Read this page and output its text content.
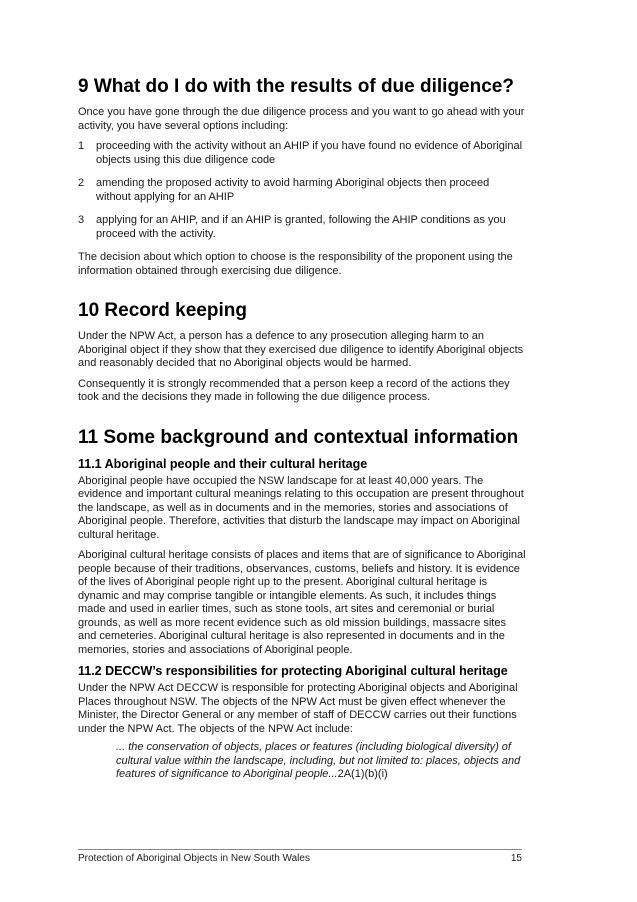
9 What do I do with the results of due diligence?

Once you have gone through the due diligence process and you want to go ahead with your activity, you have several options including:

1 proceeding with the activity without an AHIP if you have found no evidence of Aboriginal objects using this due diligence code
2 amending the proposed activity to avoid harming Aboriginal objects then proceed without applying for an AHIP
3 applying for an AHIP, and if an AHIP is granted, following the AHIP conditions as you proceed with the activity.

The decision about which option to choose is the responsibility of the proponent using the information obtained through exercising due diligence.

10 Record keeping

Under the NPW Act, a person has a defence to any prosecution alleging harm to an Aboriginal object if they show that they exercised due diligence to identify Aboriginal objects and reasonably decided that no Aboriginal objects would be harmed.

Consequently it is strongly recommended that a person keep a record of the actions they took and the decisions they made in following the due diligence process.

11 Some background and contextual information
11.1 Aboriginal people and their cultural heritage

Aboriginal people have occupied the NSW landscape for at least 40,000 years. The evidence and important cultural meanings relating to this occupation are present throughout the landscape, as well as in documents and in the memories, stories and associations of Aboriginal people. Therefore, activities that disturb the landscape may impact on Aboriginal cultural heritage.

Aboriginal cultural heritage consists of places and items that are of significance to Aboriginal people because of their traditions, observances, customs, beliefs and history. It is evidence of the lives of Aboriginal people right up to the present. Aboriginal cultural heritage is dynamic and may comprise tangible or intangible elements. As such, it includes things made and used in earlier times, such as stone tools, art sites and ceremonial or burial grounds, as well as more recent evidence such as old mission buildings, massacre sites and cemeteries. Aboriginal cultural heritage is also represented in documents and in the memories, stories and associations of Aboriginal people.

11.2 DECCW’s responsibilities for protecting Aboriginal cultural heritage

Under the NPW Act DECCW is responsible for protecting Aboriginal objects and Aboriginal Places throughout NSW. The objects of the NPW Act must be given effect whenever the Minister, the Director General or any member of staff of DECCW carries out their functions under the NPW Act. The objects of the NPW Act include:

... the conservation of objects, places or features (including biological diversity) of cultural value within the landscape, including, but not limited to: places, objects and features of significance to Aboriginal people...2A(1)(b)(i)

Protection of Aboriginal Objects in New South Wales	15
